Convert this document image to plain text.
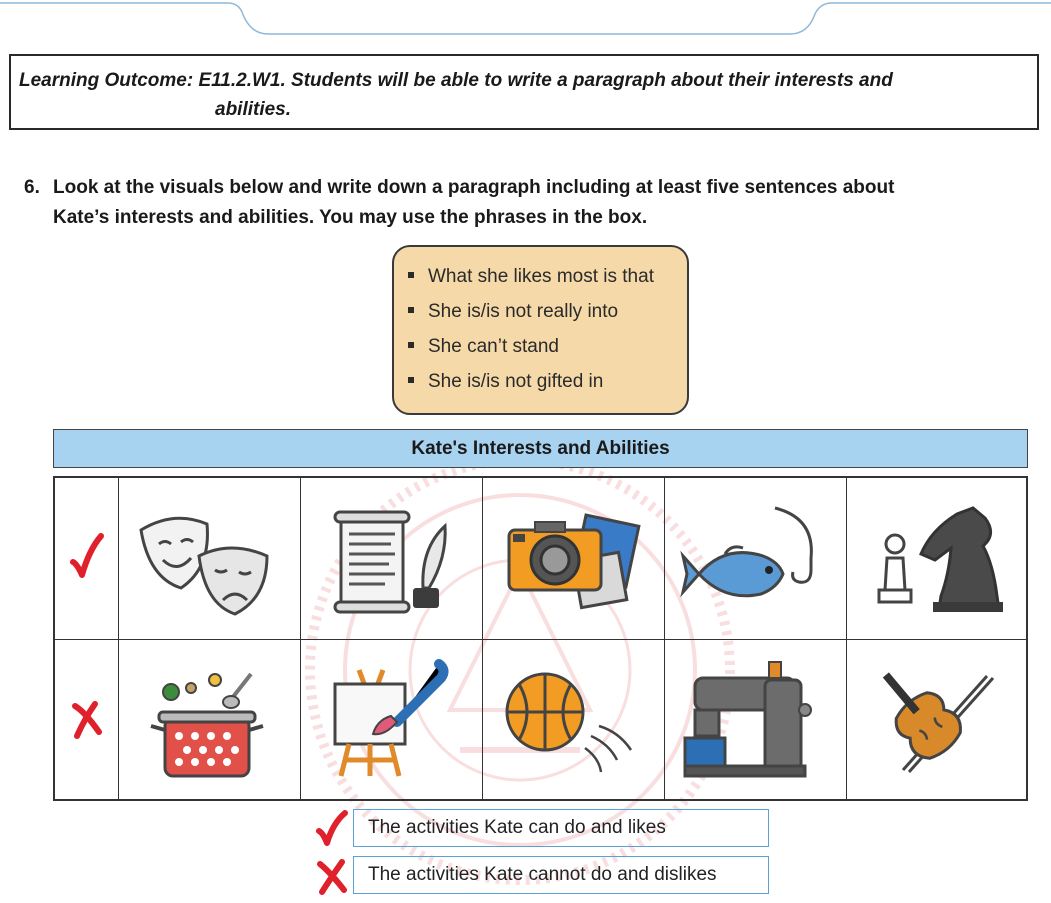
Learning Outcome: E11.2.W1. Students will be able to write a paragraph about their interests and
abilities.
6. Look at the visuals below and write down a paragraph including at least five sentences about
Kate’s interests and abilities. You may use the phrases in the box.
What she likes most is that
She is/is not really into
She can’t stand
She is/is not gifted in
Kate's Interests and Abilities
The activities Kate can do and likes
The activities Kate cannot do and dislikes
